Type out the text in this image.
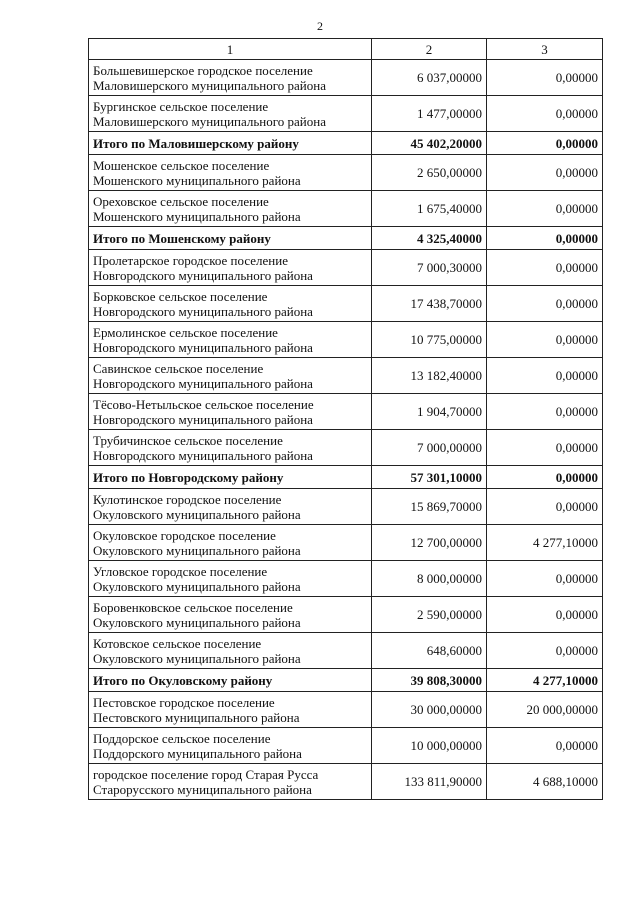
2
1	2	3

Большевишерское городское поселение
Маловишерского муниципального района	6 037,00000	0,00000

Бургинское сельское поселение
Маловишерского муниципального района	1 477,00000	0,00000

Итого по Маловишерскому району	45 402,20000	0,00000

Мошенское сельское поселение
Мошенского муниципального района	2 650,00000	0,00000

Ореховское сельское поселение
Мошенского муниципального района	1 675,40000	0,00000

Итого по Мошенскому району	4 325,40000	0,00000

Пролетарское городское поселение
Новгородского муниципального района	7 000,30000	0,00000

Борковское сельское поселение
Новгородского муниципального района	17 438,70000	0,00000

Ермолинское сельское поселение
Новгородского муниципального района	10 775,00000	0,00000

Савинское сельское поселение
Новгородского муниципального района	13 182,40000	0,00000

Тёсово-Нетыльское сельское поселение
Новгородского муниципального района	1 904,70000	0,00000

Трубичинское сельское поселение
Новгородского муниципального района	7 000,00000	0,00000

Итого по Новгородскому району	57 301,10000	0,00000

Кулотинское городское поселение
Окуловского муниципального района	15 869,70000	0,00000

Окуловское городское поселение
Окуловского муниципального района	12 700,00000	4 277,10000

Угловское городское поселение
Окуловского муниципального района	8 000,00000	0,00000

Боровенковское сельское поселение
Окуловского муниципального района	2 590,00000	0,00000

Котовское сельское поселение
Окуловского муниципального района	648,60000	0,00000

Итого по Окуловскому району	39 808,30000	4 277,10000

Пестовское городское поселение
Пестовского муниципального района	30 000,00000	20 000,00000

Поддорское сельское поселение
Поддорского муниципального района	10 000,00000	0,00000

городское поселение город Старая Русса
Старорусского муниципального района	133 811,90000	4 688,10000
